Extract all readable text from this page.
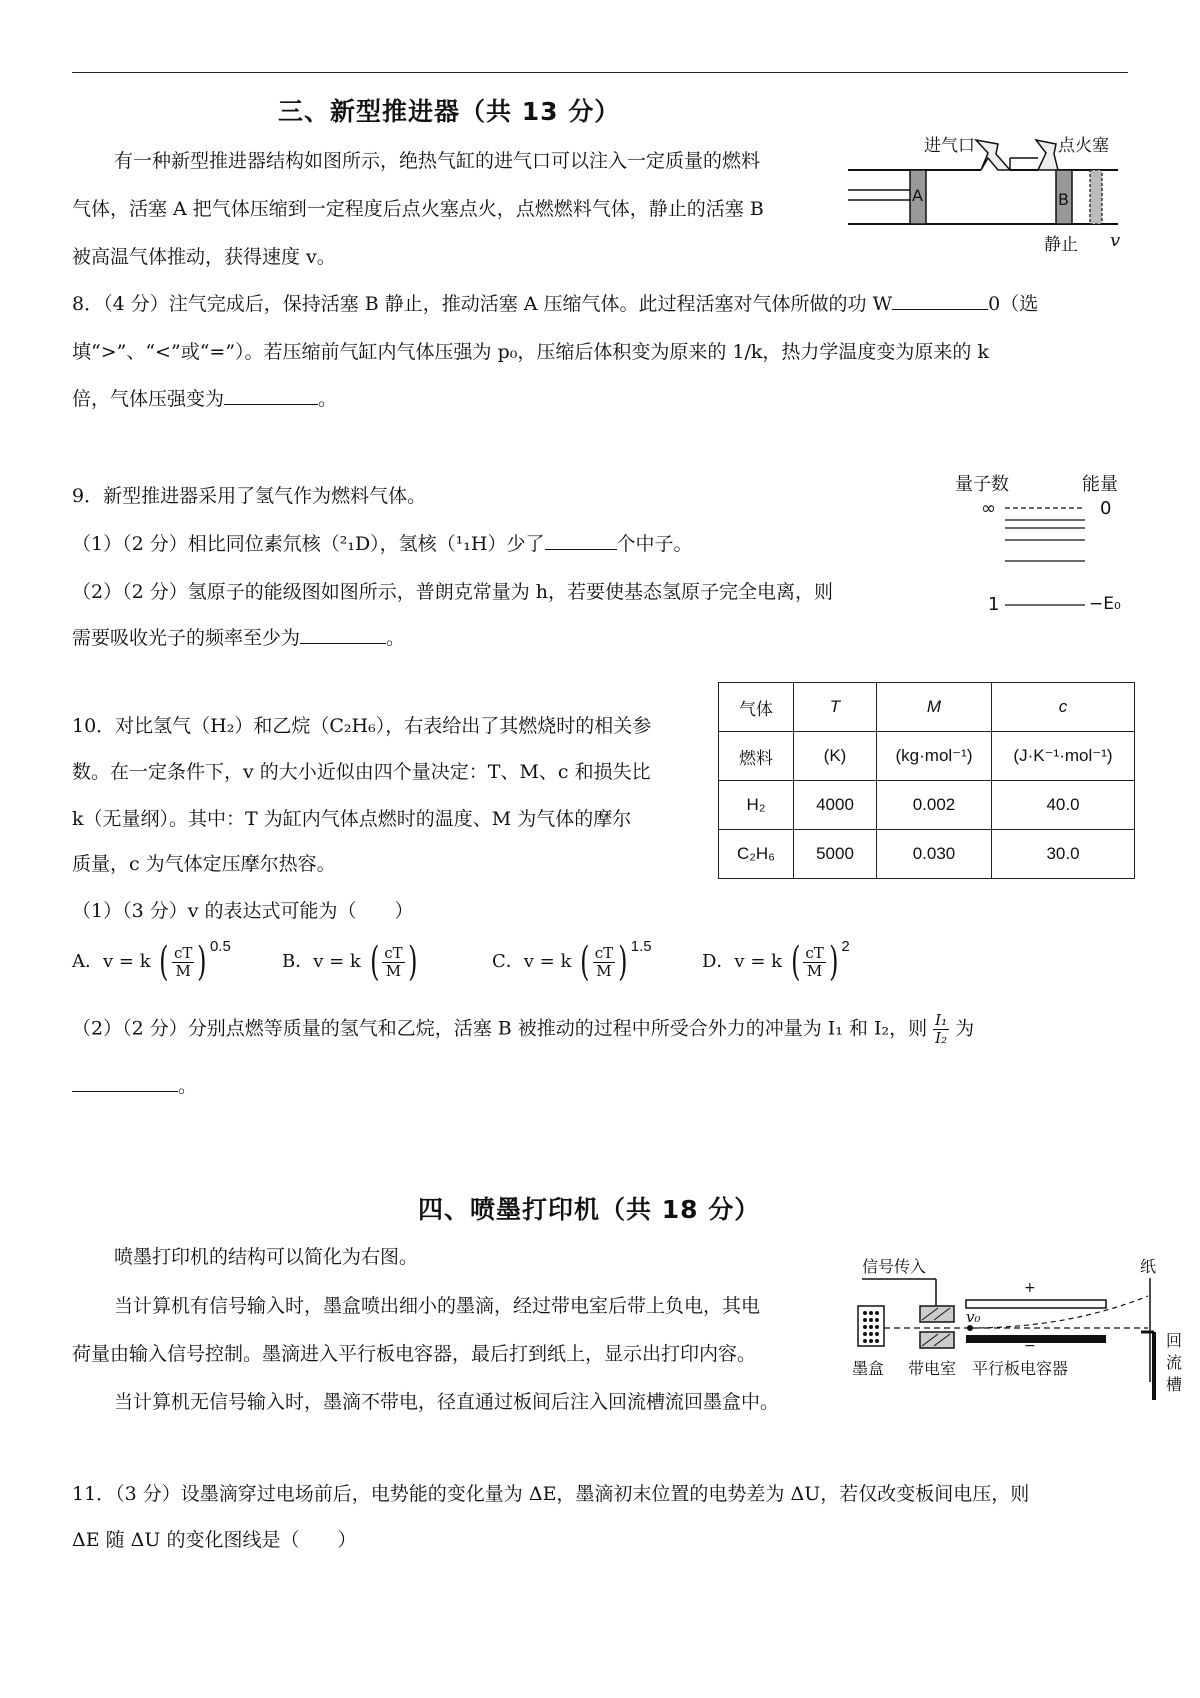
三、新型推进器（共 13 分）
有一种新型推进器结构如图所示，绝热气缸的进气口可以注入一定质量的燃料
气体，活塞 A 把气体压缩到一定程度后点火塞点火，点燃燃料气体，静止的活塞 B
被高温气体推动，获得速度 v。
进气口	点火塞
A	B
静止 v
8．（4 分）注气完成后，保持活塞 B 静止，推动活塞 A 压缩气体。此过程活塞对气体所做的功 W	0（选
填“>”、“<”或“=”）。若压缩前气缸内气体压强为 p₀，压缩后体积变为原来的 1/k，热力学温度变为原来的 k
倍，气体压强变为	。
9．新型推进器采用了氢气作为燃料气体。
（1）（2 分）相比同位素氘核（²₁D），氢核（¹₁H）少了	个中子。
（2）（2 分）氢原子的能级图如图所示，普朗克常量为 h，若要使基态氢原子完全电离，则
需要吸收光子的频率至少为	。
量子数	能量
∞	0
1	−E₀
10．对比氢气（H₂）和乙烷（C₂H₆），右表给出了其燃烧时的相关参
数。在一定条件下，v 的大小近似由四个量决定：T、M、c 和损失比
k（无量纲）。其中：T 为缸内气体点燃时的温度、M 为气体的摩尔
质量，c 为气体定压摩尔热容。
气体	T	M	c
燃料	(K)	(kg·mol⁻¹)	(J·K⁻¹·mol⁻¹)
H₂	4000	0.002	40.0
C₂H₆	5000	0.030	30.0
（1）（3 分）v 的表达式可能为（　　）
A．v = k ( $\frac{cT}{M}$) $^{0.5}$
B．v = k ( $\frac{cT}{M}$)	C．v = k ( $\frac{cT}{M}$) $^{1.5}$
D．v = k ( $\frac{cT}{M}$) $^2$
（2）（2 分）分别点燃等质量的氢气和乙烷，活塞 B 被推动的过程中所受合外力的冲量为 I₁ 和 I₂，则 $\frac{\text{I₁}}{\text{I₂}}$ 为
。
四、喷墨打印机（共 18 分）
喷墨打印机的结构可以简化为右图。
当计算机有信号输入时，墨盒喷出细小的墨滴，经过带电室后带上负电，其电
荷量由输入信号控制。墨滴进入平行板电容器，最后打到纸上，显示出打印内容。
当计算机无信号输入时，墨滴不带电，径直通过板间后注入回流槽流回墨盒中。
信号传入	纸
+
−
v₀
墨盒 带电室 平行板电容器
回流槽
11．（3 分）设墨滴穿过电场前后，电势能的变化量为 ΔE，墨滴初末位置的电势差为 ΔU，若仅改变板间电压，则
ΔE 随 ΔU 的变化图线是（　　）
